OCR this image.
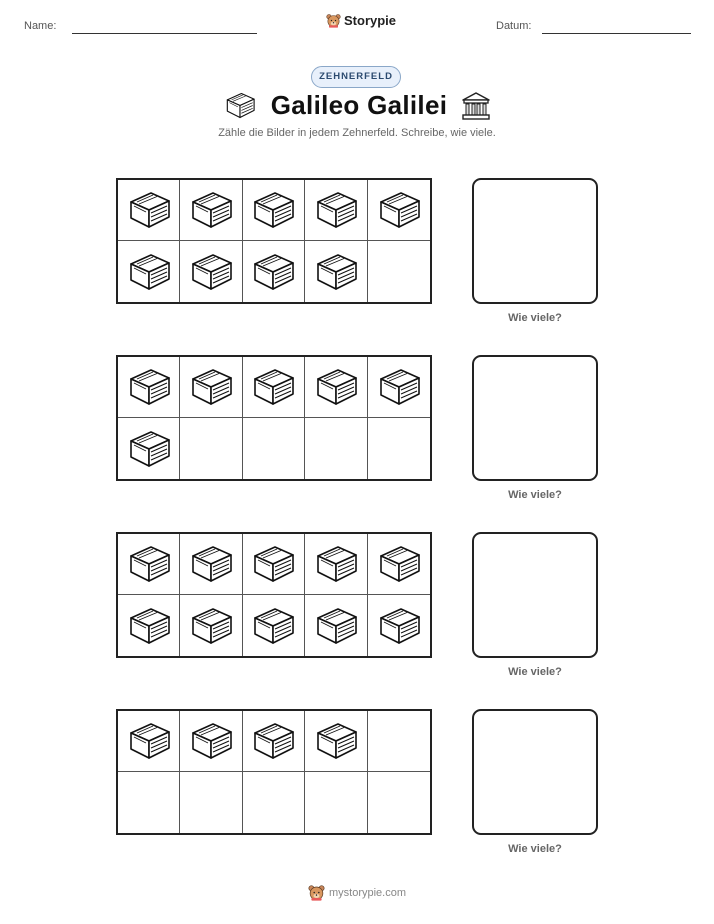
Name:	Storypie	Datum:
ZEHNERFELD
Galileo Galilei
Zähle die Bilder in jedem Zehnerfeld. Schreibe, wie viele.
Wie viele?
Wie viele?
Wie viele?
Wie viele?
mystorypie.com
